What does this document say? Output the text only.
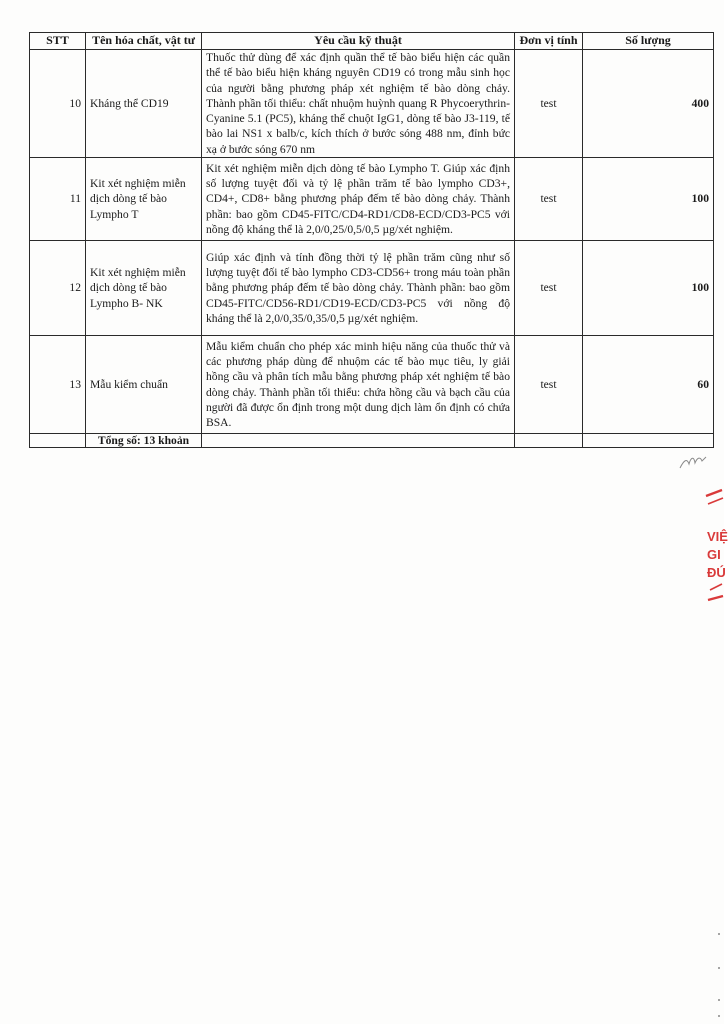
STT	Tên hóa chất, vật tư	Yêu cầu kỹ thuật	Đơn vị tính	Số lượng
10	Kháng thể CD19	Thuốc thử dùng để xác định quần thể tế bào biểu hiện các quần thể tế bào biểu hiện kháng nguyên CD19 có trong mẫu sinh học của người bằng phương pháp xét nghiệm tế bào dòng chảy. Thành phần tối thiểu: chất nhuộm huỳnh quang R Phycoerythrin-Cyanine 5.1 (PC5), kháng thể chuột IgG1, dòng tế bào J3-119, tế bào lai NS1 x balb/c, kích thích ở bước sóng 488 nm, đỉnh bức xạ ở bước sóng 670 nm	test	400
11	Kit xét nghiệm miễn dịch dòng tế bào Lympho T	Kit xét nghiệm miễn dịch dòng tế bào Lympho T. Giúp xác định số lượng tuyệt đối và tỷ lệ phần trăm tế bào lympho CD3+, CD4+, CD8+ bằng phương pháp đếm tế bào dòng chảy. Thành phần: bao gồm CD45-FITC/CD4-RD1/CD8-ECD/CD3-PC5 với nồng độ kháng thể là 2,0/0,25/0,5/0,5 µg/xét nghiệm.	test	100
12	Kit xét nghiệm miễn dịch dòng tế bào Lympho B- NK	Giúp xác định và tính đồng thời tỷ lệ phần trăm cũng như số lượng tuyệt đối tế bào lympho CD3-CD56+ trong máu toàn phần bằng phương pháp đếm tế bào dòng chảy. Thành phần: bao gồm CD45-FITC/CD56-RD1/CD19-ECD/CD3-PC5 với nồng độ kháng thể là 2,0/0,35/0,35/0,5 µg/xét nghiệm.	test	100
13	Mẫu kiểm chuẩn	Mẫu kiểm chuẩn cho phép xác minh hiệu năng của thuốc thử và các phương pháp dùng để nhuộm các tế bào mục tiêu, ly giải hồng cầu và phân tích mẫu bằng phương pháp xét nghiệm tế bào dòng chảy. Thành phần tối thiểu: chứa hồng cầu và bạch cầu của người đã được ổn định trong một dung dịch làm ổn định có chứa BSA.	test	60
	Tổng số: 13 khoản			
VIỆ
GI
ĐÚ
